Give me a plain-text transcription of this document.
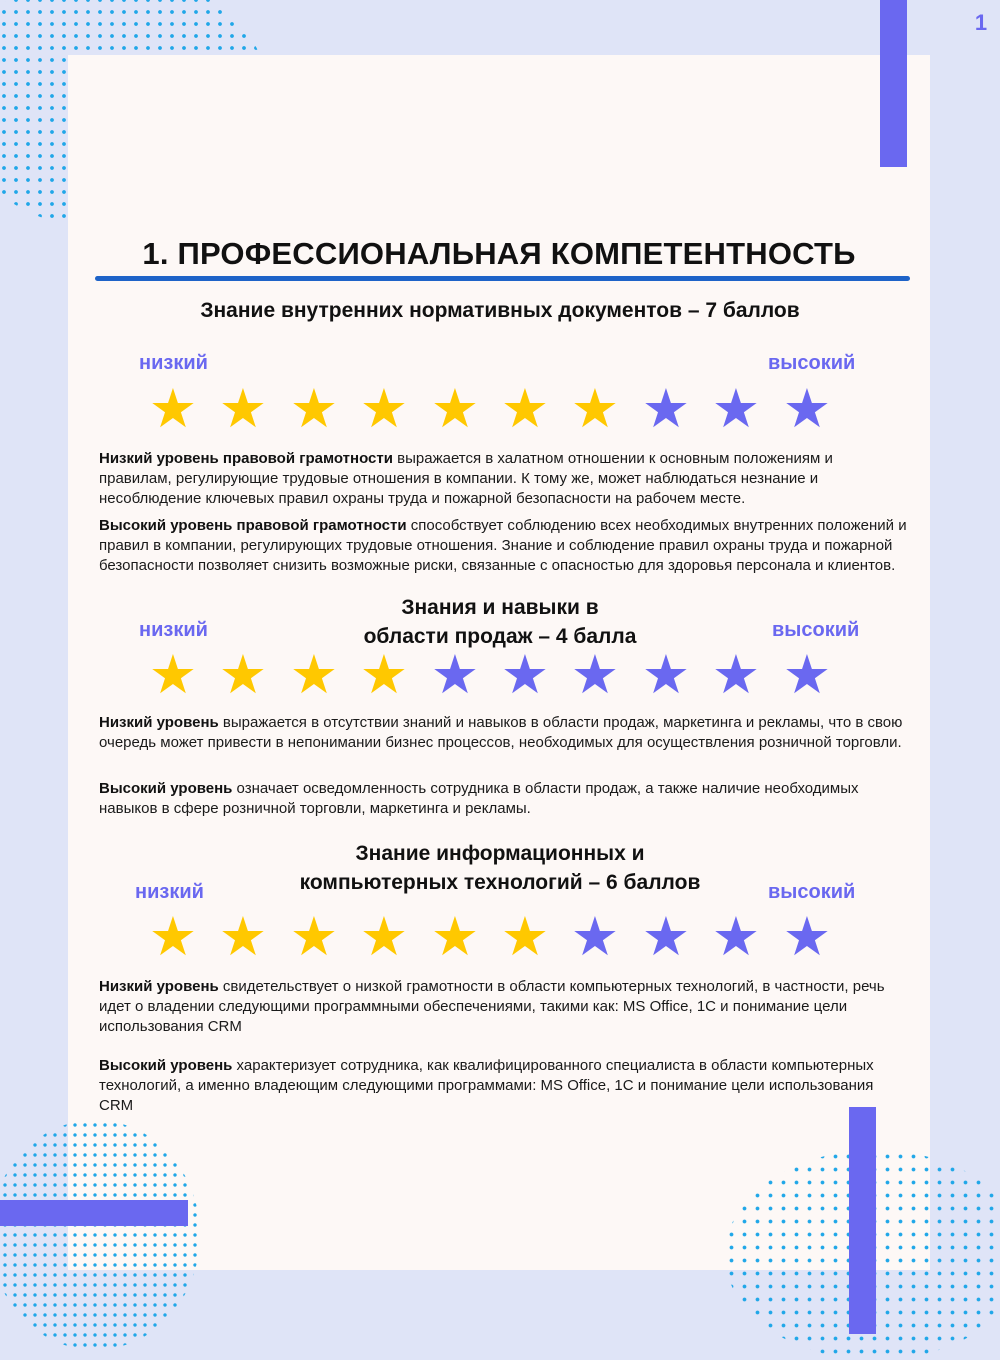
1
1. ПРОФЕССИОНАЛЬНАЯ КОМПЕТЕНТНОСТЬ
Знание внутренних нормативных документов – 7 баллов
низкий	высокий
★ ★ ★ ★ ★ ★ ★ ★ ★ ★
Низкий уровень правовой грамотности выражается в халатном отношении к основным положениям и правилам, регулирующие трудовые отношения в компании. К тому же, может наблюдаться незнание и несоблюдение ключевых правил охраны труда и пожарной безопасности на рабочем месте.
Высокий уровень правовой грамотности способствует соблюдению всех необходимых внутренних положений и правил в компании, регулирующих трудовые отношения. Знание и соблюдение правил охраны труда и пожарной безопасности позволяет снизить возможные риски, связанные с опасностью для здоровья персонала и клиентов.
Знания и навыки в
области продаж – 4 балла
низкий	высокий
★ ★ ★ ★ ★ ★ ★ ★ ★ ★
Низкий уровень выражается в отсутствии знаний и навыков в области продаж, маркетинга и рекламы, что в свою очередь может привести в непонимании бизнес процессов, необходимых для осуществления розничной торговли.
Высокий уровень означает осведомленность сотрудника в области продаж, а также наличие необходимых навыков в сфере розничной торговли, маркетинга и рекламы.
Знание информационных и
компьютерных технологий – 6 баллов
низкий	высокий
★ ★ ★ ★ ★ ★ ★ ★ ★ ★
Низкий уровень свидетельствует о низкой грамотности в области компьютерных технологий, в частности, речь идет о владении следующими программными обеспечениями, такими как: MS Office, 1C и понимание цели использования CRM
Высокий уровень характеризует сотрудника, как квалифицированного специалиста в области компьютерных технологий, а именно владеющим следующими программами: MS Office, 1C и понимание цели использования CRM
